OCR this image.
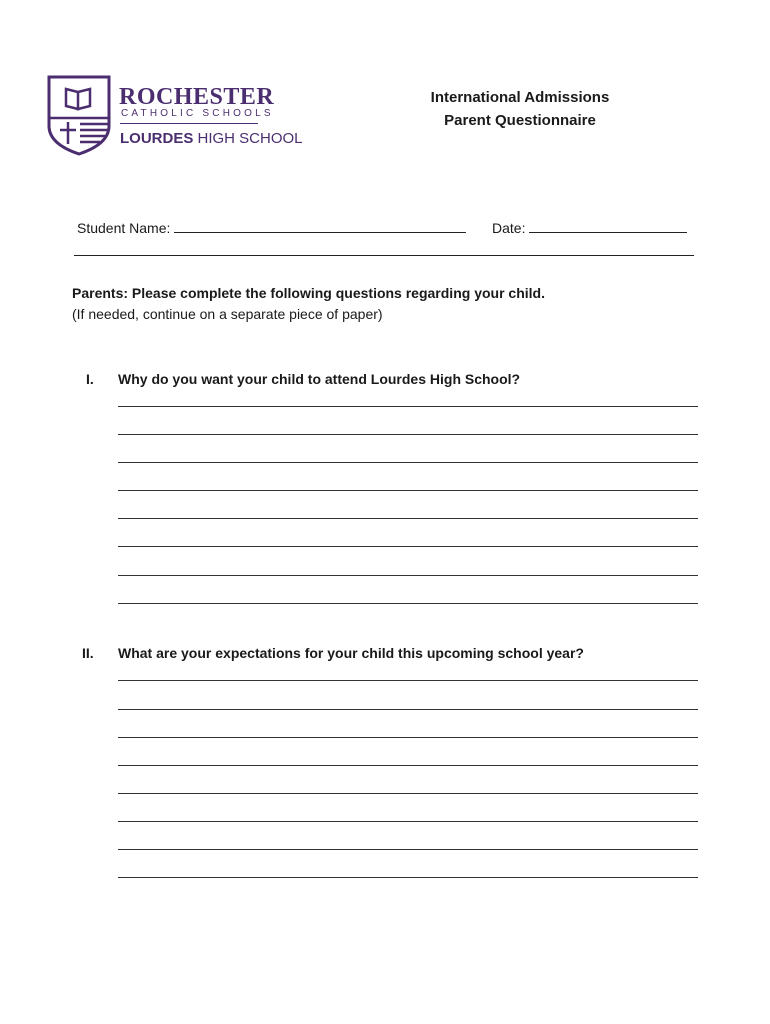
ROCHESTER
CATHOLIC SCHOOLS
LOURDES HIGH SCHOOL
International Admissions
Parent Questionnaire
Student Name:	Date:
Parents: Please complete the following questions regarding your child.
(If needed, continue on a separate piece of paper)
I. Why do you want your child to attend Lourdes High School?
II. What are your expectations for your child this upcoming school year?
